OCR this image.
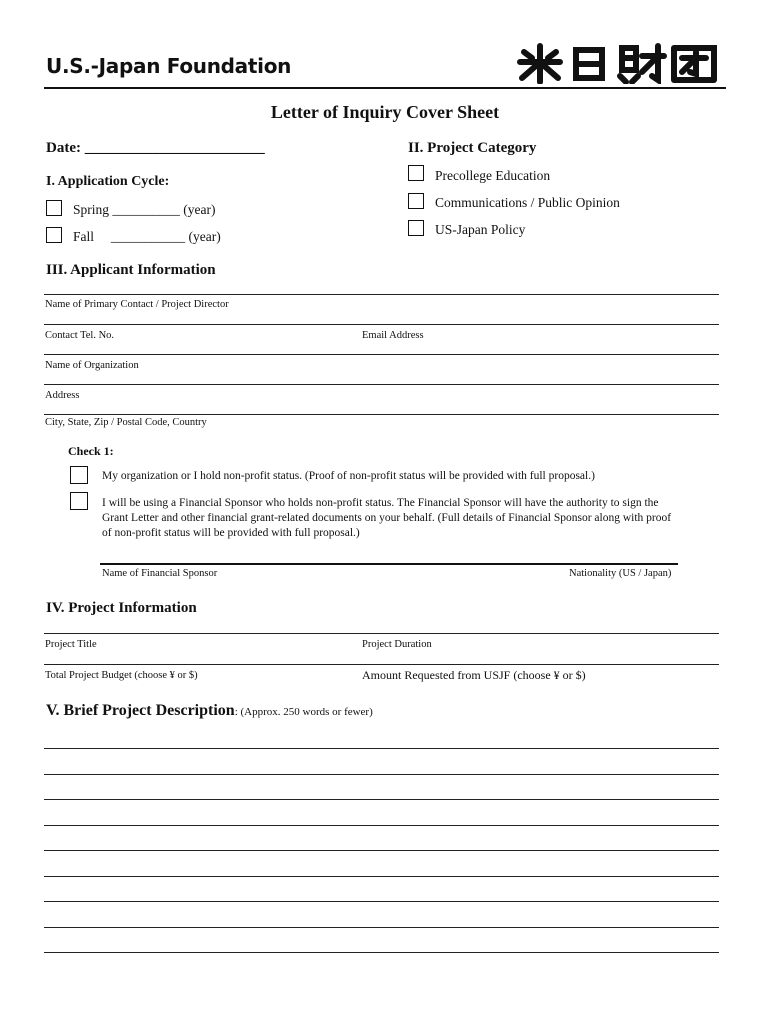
U.S.-Japan Foundation
Letter of Inquiry Cover Sheet
Date: ________________________
I. Application Cycle:
Spring __________ (year)
Fall     ___________ (year)
II. Project Category
Precollege Education
Communications / Public Opinion
US-Japan Policy
III. Applicant Information
Name of Primary Contact / Project Director
Contact Tel. No.	Email Address
Name of Organization
Address
City, State, Zip / Postal Code, Country
Check 1:
My organization or I hold non-profit status. (Proof of non-profit status will be provided with full proposal.)
I will be using a Financial Sponsor who holds non-profit status. The Financial Sponsor will have the authority to sign the Grant Letter and other financial grant-related documents on your behalf. (Full details of Financial Sponsor along with proof of non-profit status will be provided with full proposal.)
Name of Financial Sponsor	Nationality (US / Japan)
IV. Project Information
Project Title	Project Duration
Total Project Budget (choose ¥ or $)	Amount Requested from USJF (choose ¥ or $)
V. Brief Project Description: (Approx. 250 words or fewer)
